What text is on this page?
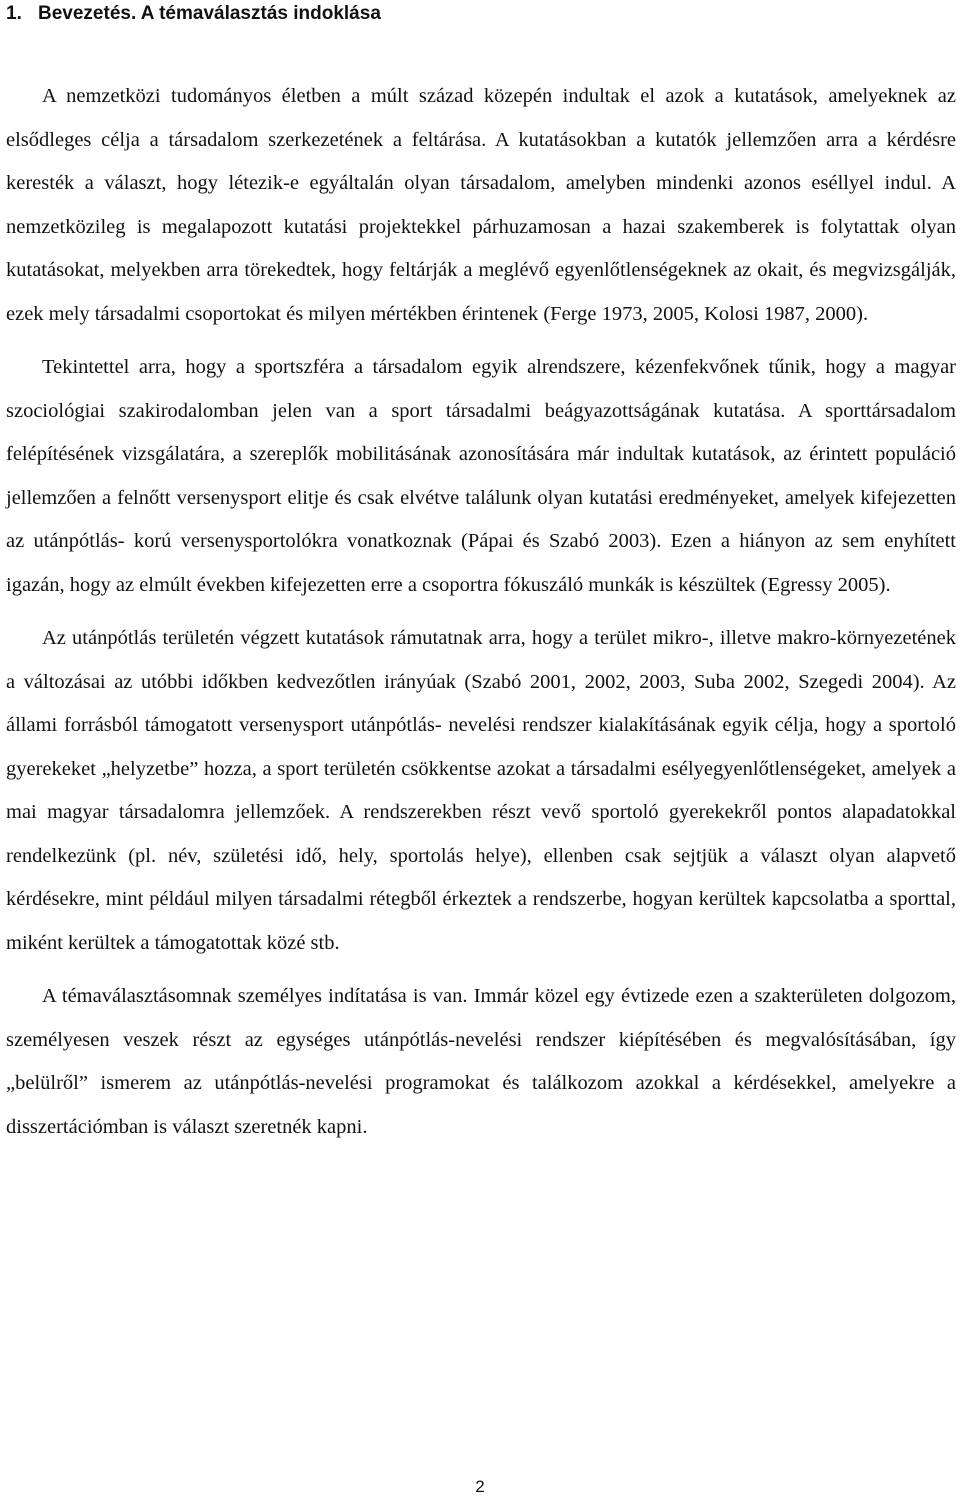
1. Bevezetés. A témaválasztás indoklása

A nemzetközi tudományos életben a múlt század közepén indultak el azok a kutatások, amelyeknek az elsődleges célja a társadalom szerkezetének a feltárása. A kutatásokban a kutatók jellemzően arra a kérdésre keresték a választ, hogy létezik-e egyáltalán olyan társadalom, amelyben mindenki azonos eséllyel indul. A nemzetközileg is megalapozott kutatási projektekkel párhuzamosan a hazai szakemberek is folytattak olyan kutatásokat, melyekben arra törekedtek, hogy feltárják a meglévő egyenlőtlenségeknek az okait, és megvizsgálják, ezek mely társadalmi csoportokat és milyen mértékben érintenek (Ferge 1973, 2005, Kolosi 1987, 2000).

Tekintettel arra, hogy a sportszféra a társadalom egyik alrendszere, kézenfekvőnek tűnik, hogy a magyar szociológiai szakirodalomban jelen van a sport társadalmi beágyazottságának kutatása. A sporttársadalom felépítésének vizsgálatára, a szereplők mobilitásának azonosítására már indultak kutatások, az érintett populáció jellemzően a felnőtt versenysport elitje és csak elvétve találunk olyan kutatási eredményeket, amelyek kifejezetten az utánpótlás- korú versenysportolókra vonatkoznak (Pápai és Szabó 2003). Ezen a hiányon az sem enyhített igazán, hogy az elmúlt években kifejezetten erre a csoportra fókuszáló munkák is készültek (Egressy 2005).

Az utánpótlás területén végzett kutatások rámutatnak arra, hogy a terület mikro-, illetve makro-környezetének a változásai az utóbbi időkben kedvezőtlen irányúak (Szabó 2001, 2002, 2003, Suba 2002, Szegedi 2004). Az állami forrásból támogatott versenysport utánpótlás- nevelési rendszer kialakításának egyik célja, hogy a sportoló gyerekeket „helyzetbe” hozza, a sport területén csökkentse azokat a társadalmi esélyegyenlőtlenségeket, amelyek a mai magyar társadalomra jellemzőek. A rendszerekben részt vevő sportoló gyerekekről pontos alapadatokkal rendelkezünk (pl. név, születési idő, hely, sportolás helye), ellenben csak sejtjük a választ olyan alapvető kérdésekre, mint például milyen társadalmi rétegből érkeztek a rendszerbe, hogyan kerültek kapcsolatba a sporttal, miként kerültek a támogatottak közé stb.

A témaválasztásomnak személyes indítatása is van. Immár közel egy évtizede ezen a szakterületen dolgozom, személyesen veszek részt az egységes utánpótlás-nevelési rendszer kiépítésében és megvalósításában, így „belülről” ismerem az utánpótlás-nevelési programokat és találkozom azokkal a kérdésekkel, amelyekre a disszertációmban is választ szeretnék kapni.

2
